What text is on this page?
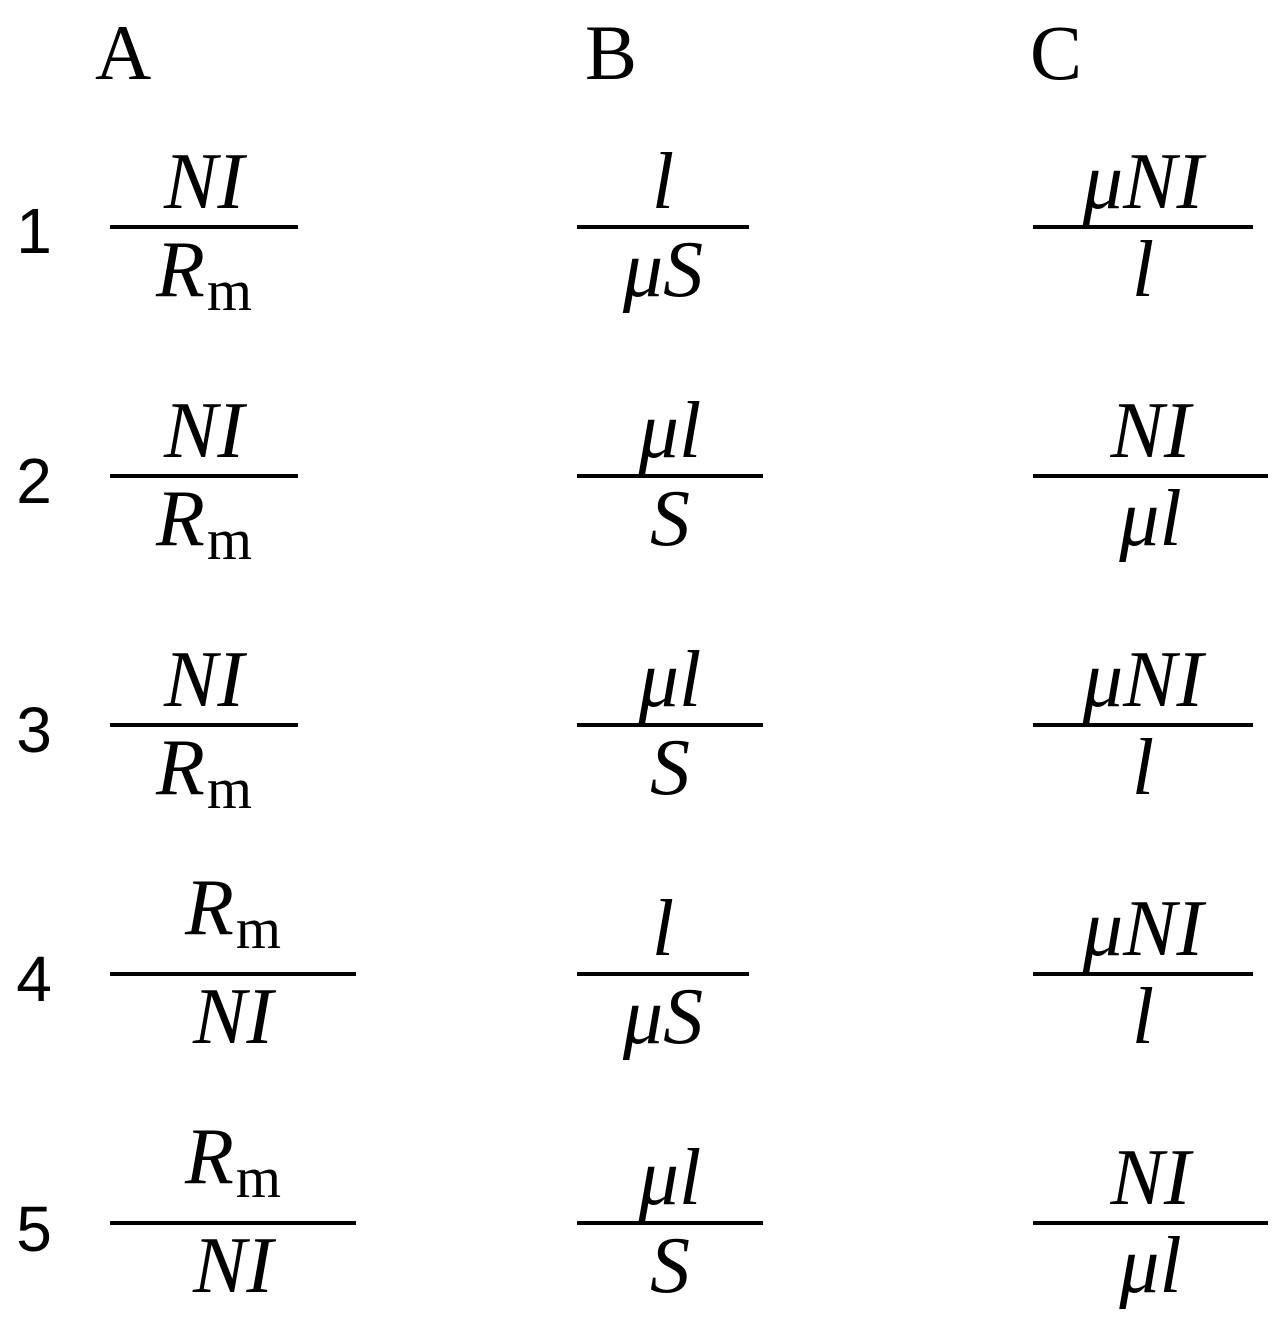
A	B	C
1
NI
$R_m$
l
μS
μNI
l
2
NI
$R_m$
μl
S
NI
μl
3
NI
$R_m$
μl
S
μNI
l
4
$R_m$
NI
l
μS
μNI
l
5
$R_m$
NI
μl
S
NI
μl
